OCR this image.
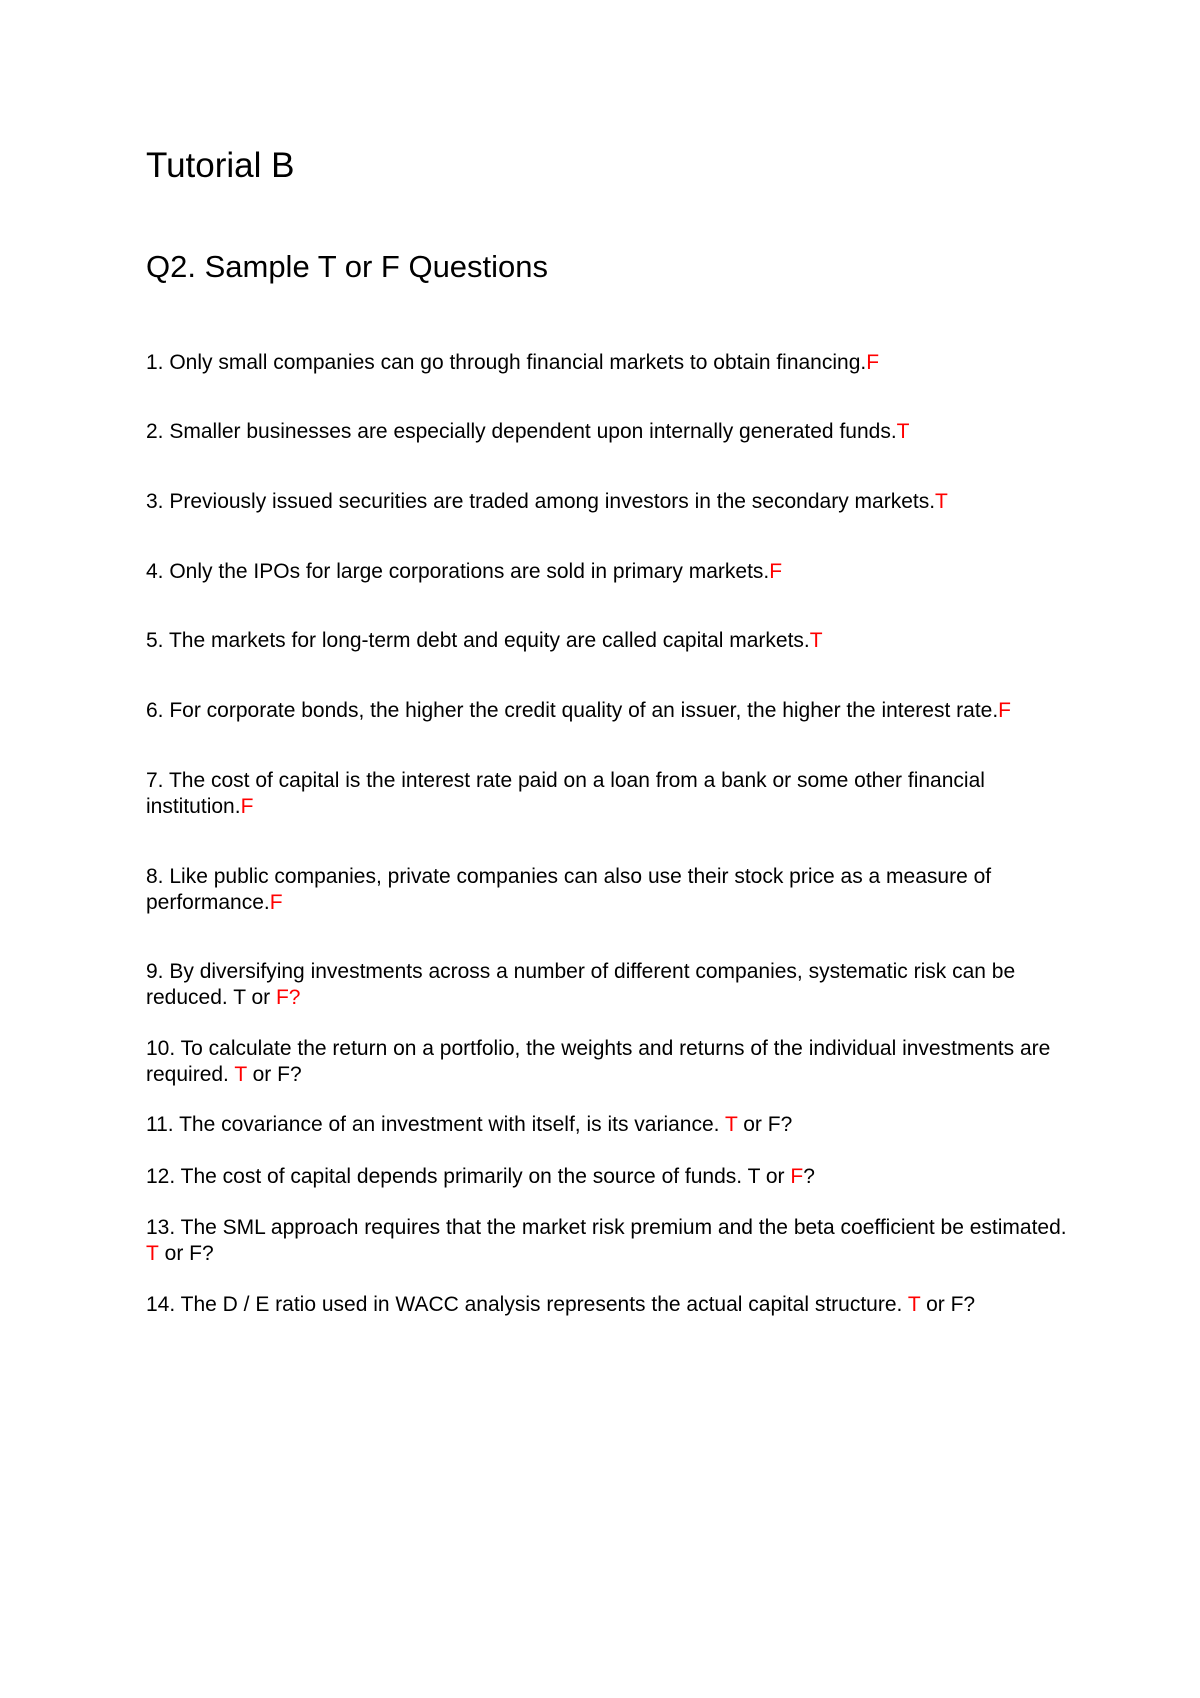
Tutorial B
Q2. Sample T or F Questions

1. Only small companies can go through financial markets to obtain financing.F

2. Smaller businesses are especially dependent upon internally generated funds.T

3. Previously issued securities are traded among investors in the secondary markets.T

4. Only the IPOs for large corporations are sold in primary markets.F

5. The markets for long-term debt and equity are called capital markets.T

6. For corporate bonds, the higher the credit quality of an issuer, the higher the interest rate.F

7. The cost of capital is the interest rate paid on a loan from a bank or some other financial institution.F

8. Like public companies, private companies can also use their stock price as a measure of performance.F

9. By diversifying investments across a number of different companies, systematic risk can be reduced. T or F?

10. To calculate the return on a portfolio, the weights and returns of the individual investments are required. T or F?

11. The covariance of an investment with itself, is its variance. T or F?

12. The cost of capital depends primarily on the source of funds. T or F?

13. The SML approach requires that the market risk premium and the beta coefficient be estimated. T or F?

14. The D / E ratio used in WACC analysis represents the actual capital structure. T or F?
